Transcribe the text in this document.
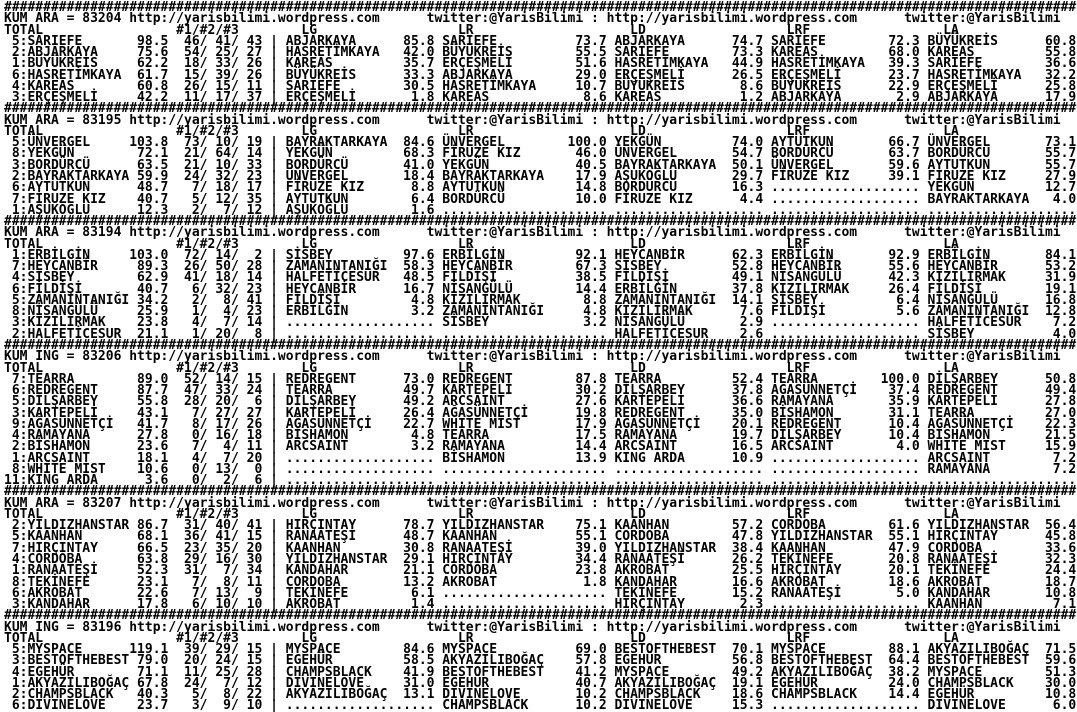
#########################################################################################################################################
KUM ARA = 83204 http://yarisbilimi.wordpress.com      twitter:@YarisBilimi : http://yarisbilimi.wordpress.com      twitter:@YarisBilimi
TOTAL                 #1/#2/#3        LG                  LR                    LD                  LRF                 LA
5:SARIEFE       98.5  46/ 41/ 43 | ABJARKAYA      85.8 SARIEFE          73.7 ABJARKAYA      74.7 SARIEFE        72.3 BÜYÜKREİS      60.8
2:ABJARKAYA     75.6  54/ 25/ 27 | HASRETİMKAYA   42.0 BÜYÜKREİS        55.5 SARIEFE        73.3 KAREAS         68.0 KAREAS         55.8
1:BÜYÜKREİS     62.2  18/ 33/ 26 | KAREAS         35.7 ERÇEŞMELİ        51.6 HASRETİMKAYA   44.9 HASRETİMKAYA   39.3 SARIEFE        36.6
6:HASRETİMKAYA  61.7  15/ 39/ 26 | BÜYÜKREİS      33.3 ABJARKAYA        29.0 ERÇEŞMELİ      26.5 ERÇEŞMELİ      23.7 HASRETİMKAYA   32.2
4:KAREAS        60.8  26/ 15/ 11 | SARIEFE        30.5 HASRETİMKAYA     10.7 BÜYÜKREİS       8.6 BÜYÜKREİS      22.9 ERÇEŞMELİ      25.8
3:ERÇEŞMELİ     42.2  11/ 17/ 37 | ERÇEŞMELİ       1.8 KAREAS            8.6 KAREAS          1.2 ABJARKAYA       2.9 ABJARKAYA      17.9
#########################################################################################################################################
KUM ARA = 83195 http://yarisbilimi.wordpress.com      twitter:@YarisBilimi : http://yarisbilimi.wordpress.com      twitter:@YarisBilimi
TOTAL                 #1/#2/#3        LG                  LR                    LD                  LRF                 LA
5:ÜNVERGEL     103.8  73/ 10/ 19 | BAYRAKTARKAYA  84.6 ÜNVERGEL        100.0 YEKGÜN         74.0 AYTUTKUN       66.7 ÜNVERGEL       73.1
8:YEKGÜN        72.1  21/ 64/ 14 | YEKGÜN         68.3 FİRUZE KIZ       46.0 ÜNVERGEL       54.7 BORDÜRCÜ       63.7 BORDÜRCÜ       55.7
3:BORDÜRCÜ      63.5  21/ 10/ 33 | BORDÜRCÜ       41.0 YEKGÜN           40.5 BAYRAKTARKAYA  50.1 ÜNVERGEL       59.6 AYTUTKUN       55.7
2:BAYRAKTARKAYA 59.9  24/ 32/ 23 | ÜNVERGEL       18.4 BAYRAKTARKAYA    17.9 AŞUKOĞLU       29.7 FİRUZE KIZ     39.1 FİRUZE KIZ     27.9
6:AYTUTKUN      48.7   7/ 18/ 17 | FİRUZE KIZ      8.8 AYTUTKUN         14.8 BORDÜRCÜ       16.3 ................... YEKGÜN         12.7
7:FİRUZE KIZ    40.7   5/ 12/ 35 | AYTUTKUN        6.4 BORDÜRCÜ         10.0 FİRUZE KIZ      4.4 ................... BAYRAKTARKAYA   4.0
1:AŞUKOĞLU      12.3   2/  7/ 12 | AŞUKOĞLU        1.6 ..................... ................... ................... ...................
#########################################################################################################################################
KUM ARA = 83194 http://yarisbilimi.wordpress.com      twitter:@YarisBilimi : http://yarisbilimi.wordpress.com      twitter:@YarisBilimi
TOTAL                 #1/#2/#3        LG                  LR                    LD                  LRF                 LA
1:ERBİLGİN     103.0  72/ 14/  2 | SİSBEY         97.6 ERBİLGİN         92.1 HEYCANBİR      62.3 ERBİLGİN       92.9 ERBİLGİN       84.1
7:HEYCANBİR     89.3  26/ 50/ 28 | ZAMANINTANIĞI  58.3 HEYCANBİR        67.3 SİSBEY         52.8 HEYCANBİR      55.6 HEYCANBİR      53.2
4:SİSBEY        62.9  41/ 18/ 14 | HALFETİCESUR   48.5 FİLDİŞİ          38.5 FİLDİŞİ        49.1 NİSANGÜLÜ      42.3 KIZILIRMAK     31.9
6:FİLDİŞİ       40.7   6/ 32/ 23 | HEYCANBİR      16.7 NİSANGÜLÜ        14.4 ERBİLGİN       37.8 KIZILIRMAK     26.4 FİLDİŞİ        19.1
5:ZAMANİNTANIĞI 34.2   2/  8/ 41 | FİLDİŞİ         4.8 KIZILIRMAK        8.8 ZAMANINTANIĞI  14.1 SİSBEY          6.4 NİSANGÜLÜ      16.8
8:NİSANGÜLÜ     25.9   1/  4/ 23 | ERBİLGİN        3.2 ZAMANINTANIĞI     4.8 KIZILIRMAK      7.6 FİLDİŞİ         5.6 ZAMANINTANIĞI  12.8
3:KIZILIRMAK    23.8   4/  7/ 14 | ................... SİSBEY            3.2 NİSANGÜLÜ       2.9 ................... HALFETİCESUR    7.2
2:HALFETİCESUR  21.1   1/ 20/  8 | ................... ..................... HALFETİCESUR    2.6 ................... SİSBEY          4.0
#########################################################################################################################################
KUM ING = 83206 http://yarisbilimi.wordpress.com      twitter:@YarisBilimi : http://yarisbilimi.wordpress.com      twitter:@YarisBilimi
TOTAL                 #1/#2/#3        LG                  LR                    LD                  LRF                 LA
7:TEARRA        89.0  52/ 14/ 15 | REDREGENT      73.0 REDREGENT        87.8 TEARRA         52.4 TEARRA        100.0 DİLŞARBEY      50.8
6:REDREGENT     87.7  47/ 33/ 24 | TEARRA         49.7 KARTEPELİ        30.2 DİLŞARBEY      37.8 AĞASÜNNETÇİ    37.4 REDREGENT      49.4
5:DİLŞARBEY     55.8  28/ 20/  6 | DİLŞARBEY      49.2 ARCSAINT         27.6 KARTEPELİ      36.6 RAMAYANA       35.9 KARTEPELİ      27.8
3:KARTEPELİ     43.1   7/ 27/ 27 | KARTEPELİ      26.4 AĞASÜNNETÇİ      19.8 REDREGENT      35.0 BİSHAMON       31.1 TEARRA         27.0
9:AĞASÜNNETÇİ   41.7   8/ 17/ 26 | AĞASÜNNETÇİ    22.7 WHITE MIST       17.9 AĞASÜNNETÇİ    20.1 REDREGENT      10.4 AĞASÜNNETÇİ    22.3
4:RAMAYANA      27.8   0/ 16/ 18 | BİSHAMON        4.8 TEARRA           17.5 RAMAYANA       19.7 DİLŞARBEY      10.4 BİSHAMON       21.5
2:BİSHAMON      23.6   7/  4/ 11 | ARCSAINT        3.2 RAMAYANA         14.4 ARCSAINT       16.5 ARCSAINT        4.0 WHITE MIST     15.9
1:ARCSAINT      18.1   4/  7/ 20 | ................... BİSHAMON         13.9 KING ARDA      10.9 ................... ARCSAINT        7.2
8:WHITE MIST    10.6   0/ 13/  0 | ................... ..................... ................... ................... RAMAYANA        7.2
11:KING ARDA      3.6   0/  2/  6 | ................... ..................... ................... ................... ...................
#########################################################################################################################################
KUM ARA = 83207 http://yarisbilimi.wordpress.com      twitter:@YarisBilimi : http://yarisbilimi.wordpress.com      twitter:@YarisBilimi
TOTAL                 #1/#2/#3        LG                  LR                    LD                  LRF                 LA
2:YILDIZHANSTAR 86.7  31/ 40/ 41 | HIRÇINTAY      78.7 YILDIZHANSTAR    75.1 KAANHAN        57.2 CORDOBA        61.6 YILDIZHANSTAR  56.4
5:KAANHAN       68.1  36/ 41/ 15 | RANAATEŞİ      48.7 KAANHAN          55.1 CORDOBA        47.8 YILDIZHANSTAR  55.1 HIRÇINTAY      45.8
7:HIRÇINTAY     66.5  23/ 35/ 20 | KAANHAN        30.8 RANAATEŞİ        39.0 YILDIZHANSTAR  38.4 KAANHAN        47.9 CORDOBA        33.6
4:CORDOBA       63.8  29/ 16/ 30 | YILDIZHANSTAR  29.1 HIRÇINTAY        34.4 RANAATEŞİ      26.2 TEKİNEFE       20.8 RANAATEŞİ      32.3
1:RANAATEŞİ     52.3  31/  7/ 34 | KANDAHAR       21.1 CORDOBA          23.8 AKROBAT        25.5 HIRÇINTAY      20.1 TEKİNEFE       24.4
8:TEKİNEFE      23.1   7/  8/ 11 | CORDOBA        13.2 AKROBAT           1.8 KANDAHAR       16.6 AKROBAT        18.6 AKROBAT        18.7
6:AKROBAT       22.6   7/ 13/  9 | TEKİNEFE        6.1 ..................... TEKİNEFE       15.2 RANAATEŞİ       5.0 KANDAHAR       10.8
3:KANDAHAR      17.8   6/ 10/ 10 | AKROBAT         1.4 ..................... HIRÇINTAY       2.3 ................... KAANHAN         7.1
#########################################################################################################################################
KUM ING = 83196 http://yarisbilimi.wordpress.com      twitter:@YarisBilimi : http://yarisbilimi.wordpress.com      twitter:@YarisBilimi
TOTAL                 #1/#2/#3        LG                  LR                    LD                  LRF                 LA
5:MYSPACE      119.1  39/ 29/ 15 | MYSPACE        84.6 MYSPACE          69.0 BESTOFTHEBEST  70.1 MYSPACE        88.1 AKYAZILIBOĞAÇ  71.5
3:BESTOFTHEBEST 79.0  20/ 24/ 15 | EGEHÜR         58.5 AKYAZILIBOĞAÇ    57.8 EGEHÜR         56.8 BESTOFTHEBEST  64.4 BESTOFTHEBEST  59.6
4:EGEHÜR        71.1  11/ 25/ 28 | CHAMPSBLACK    41.9 BESTOFTHEBEST    41.2 MYSPACE        49.2 AKYAZILIBOĞAÇ  38.2 MYSPACE        51.3
1:AKYAZILIBOĞAÇ 67.8  24/  7/ 12 | DIVINELOVE     31.0 EGEHÜR           40.7 AKYAZILIBOĞAÇ  19.1 EGEHÜR         24.0 CHAMPSBLACK    30.0
2:CHAMPSBLACK   40.3   5/  8/ 22 | AKYAZILIBOĞAÇ  13.1 DIVINELOVE       10.2 CHAMPSBLACK    18.6 CHAMPSBLACK    14.4 EGEHÜR         10.8
6:DIVINELOVE    23.7   3/  9/ 10 | ................... CHAMPSBLACK      10.2 DIVINELOVE     15.3 ................... DIVINELOVE      6.0
